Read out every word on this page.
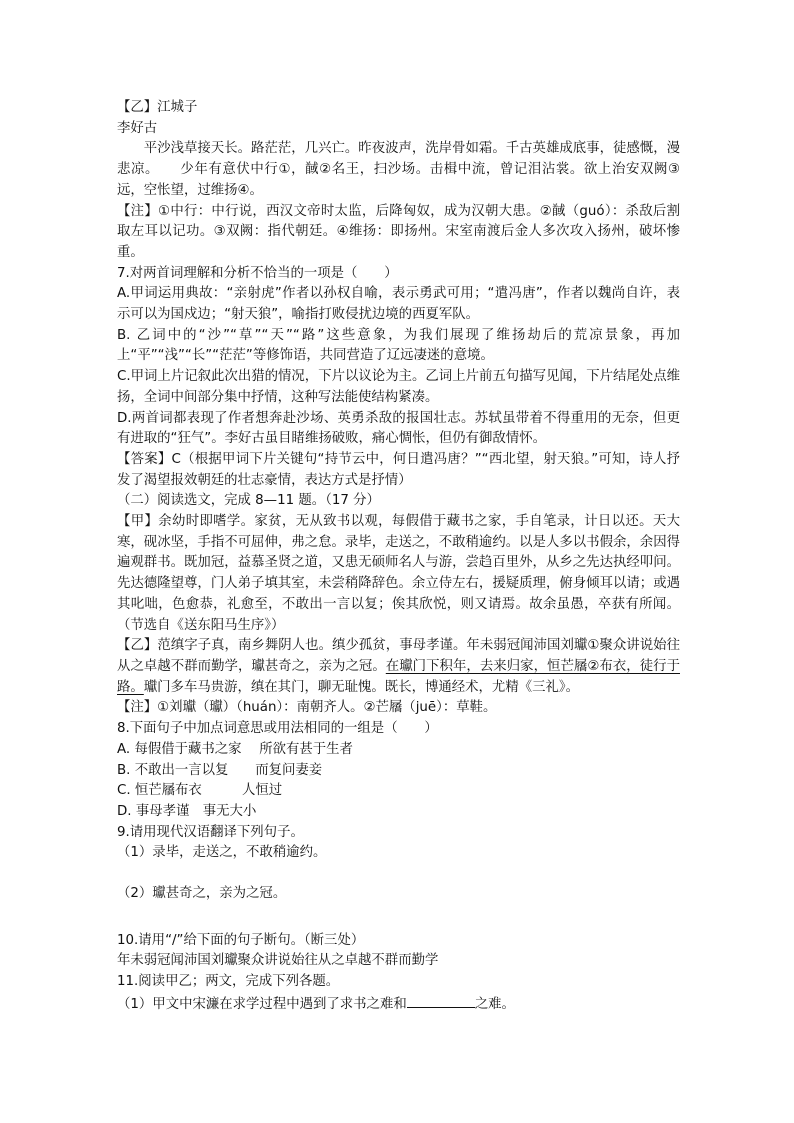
【乙】江城子

李好古

平沙浅草接天长。路茫茫，几兴亡。昨夜波声，洗岸骨如霜。千古英雄成底事，徒感慨，漫悲凉。　　少年有意伏中行①，馘②名王，扫沙场。击楫中流，曾记泪沾裳。欲上治安双阙③远，空怅望，过维扬④。

【注】①中行：中行说，西汉文帝时太监，后降匈奴，成为汉朝大患。②馘（guó）：杀敌后割取左耳以记功。③双阙：指代朝廷。④维扬：即扬州。宋室南渡后金人多次攻入扬州，破坏惨重。

7.对两首词理解和分析不恰当的一项是（　　）

A.甲词运用典故：“亲射虎”作者以孙权自喻，表示勇武可用；“遣冯唐”，作者以魏尚自许，表示可以为国戍边；“射天狼”，喻指打败侵扰边境的西夏军队。

B. 乙词中的“沙”“草”“天”“路”这些意象，为我们展现了维扬劫后的荒凉景象，再加上“平”“浅”“长”“茫茫”等修饰语，共同营造了辽远凄迷的意境。

C.甲词上片记叙此次出猎的情况，下片以议论为主。乙词上片前五句描写见闻，下片结尾处点维扬，全词中间部分集中抒情，这种写法能使结构紧凑。

D.两首词都表现了作者想奔赴沙场、英勇杀敌的报国壮志。苏轼虽带着不得重用的无奈，但更有进取的“狂气”。李好古虽目睹维扬破败，痛心惆怅，但仍有御敌情怀。

【答案】C（根据甲词下片关键句“持节云中，何日遣冯唐？”“西北望，射天狼。”可知，诗人抒发了渴望报效朝廷的壮志豪情，表达方式是抒情）

（二）阅读选文，完成 8—11 题。（17 分）

【甲】余幼时即嗜学。家贫，无从致书以观，每假借于藏书之家，手自笔录，计日以还。天大寒，砚冰坚，手指不可屈伸，弗之怠。录毕，走送之，不敢稍逾约。以是人多以书假余，余因得遍观群书。既加冠，益慕圣贤之道，又患无硕师名人与游，尝趋百里外，从乡之先达执经叩问。先达德隆望尊，门人弟子填其室，未尝稍降辞色。余立侍左右，援疑质理，俯身倾耳以请；或遇其叱咄，色愈恭，礼愈至，不敢出一言以复；俟其欣悦，则又请焉。故余虽愚，卒获有所闻。（节选自《送东阳马生序》）

【乙】范缜字子真，南乡舞阴人也。缜少孤贫，事母孝谨。年未弱冠闻沛国刘瓛①聚众讲说始往从之卓越不群而勤学，瓛甚奇之，亲为之冠。在瓛门下积年，去来归家，恒芒屩②布衣，徒行于路。瓛门多车马贵游，缜在其门，聊无耻愧。既长，博通经术，尤精《三礼》。

【注】①刘瓛（瓛）（huán）：南朝齐人。②芒屩（juē）：草鞋。

8.下面句子中加点词意思或用法相同的一组是（　　）

A. 每假借于藏书之家　 所欲有甚于生者

B. 不敢出一言以复　　而复问妻妾

C. 恒芒屩布衣　　　人恒过

D. 事母孝谨　事无大小

9.请用现代汉语翻译下列句子。

（1）录毕，走送之，不敢稍逾约。

（2）瓛甚奇之，亲为之冠。

10.请用“/”给下面的句子断句。（断三处）

年未弱冠闻沛国刘瓛聚众讲说始往从之卓越不群而勤学

11.阅读甲乙；两文，完成下列各题。

（1）甲文中宋濂在求学过程中遇到了求书之难和	之难。
